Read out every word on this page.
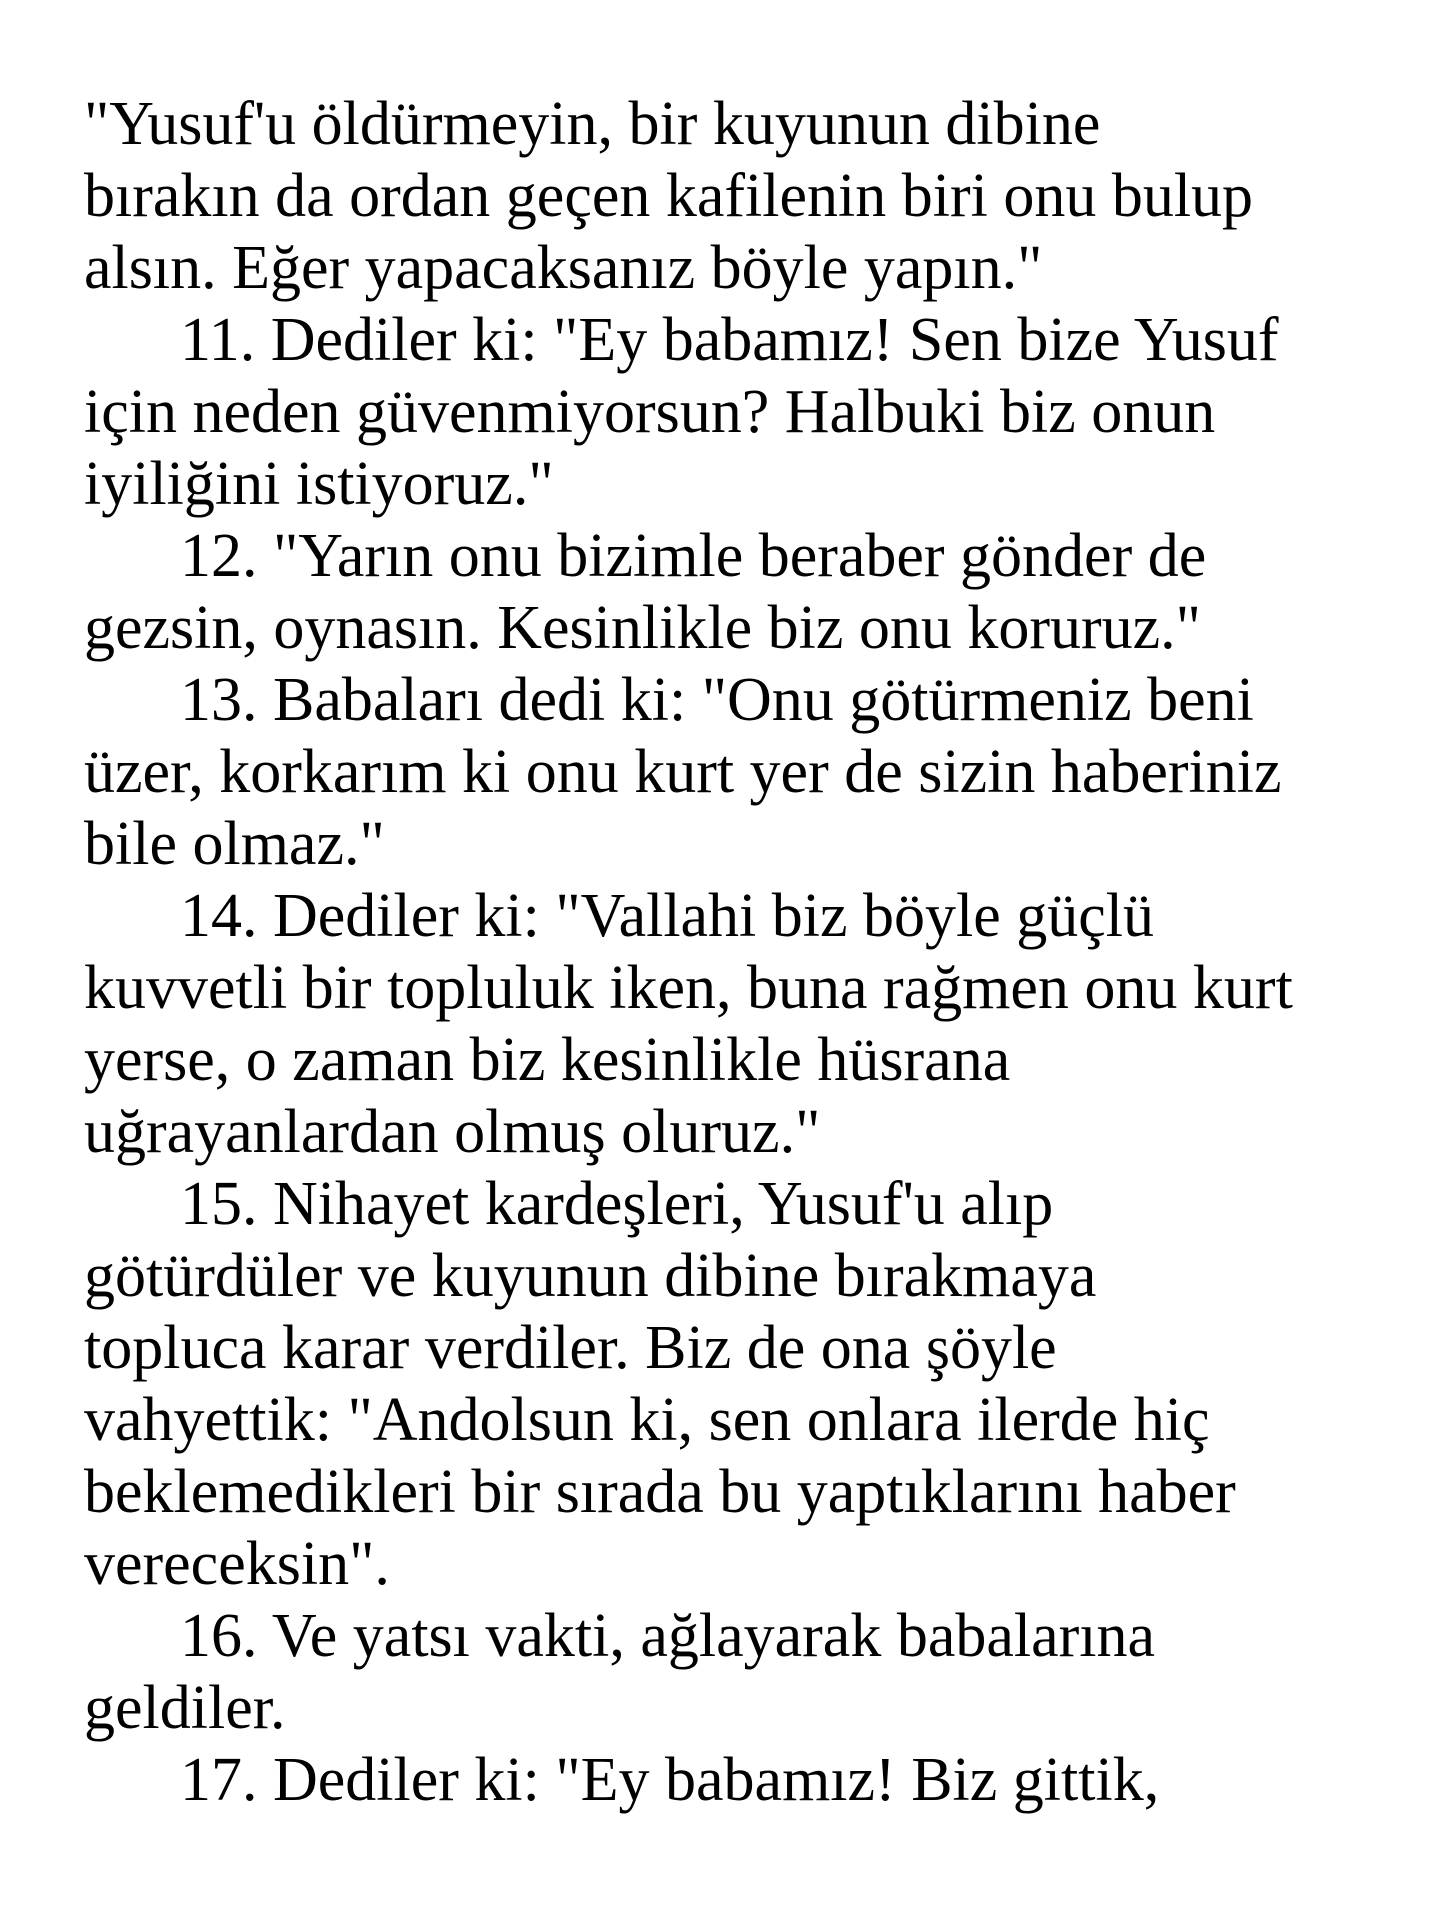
"Yusuf'u öldürmeyin, bir kuyunun dibine
bırakın da ordan geçen kafilenin biri onu bulup
alsın. Eğer yapacaksanız böyle yapın."
11. Dediler ki: "Ey babamız! Sen bize Yusuf
için neden güvenmiyorsun? Halbuki biz onun
iyiliğini istiyoruz."
12. "Yarın onu bizimle beraber gönder de
gezsin, oynasın. Kesinlikle biz onu koruruz."
13. Babaları dedi ki: "Onu götürmeniz beni
üzer, korkarım ki onu kurt yer de sizin haberiniz
bile olmaz."
14. Dediler ki: "Vallahi biz böyle güçlü
kuvvetli bir topluluk iken, buna rağmen onu kurt
yerse, o zaman biz kesinlikle hüsrana
uğrayanlardan olmuş oluruz."
15. Nihayet kardeşleri, Yusuf'u alıp
götürdüler ve kuyunun dibine bırakmaya
topluca karar verdiler. Biz de ona şöyle
vahyettik: "Andolsun ki, sen onlara ilerde hiç
beklemedikleri bir sırada bu yaptıklarını haber
vereceksin".
16. Ve yatsı vakti, ağlayarak babalarına
geldiler.
17. Dediler ki: "Ey babamız! Biz gittik,
